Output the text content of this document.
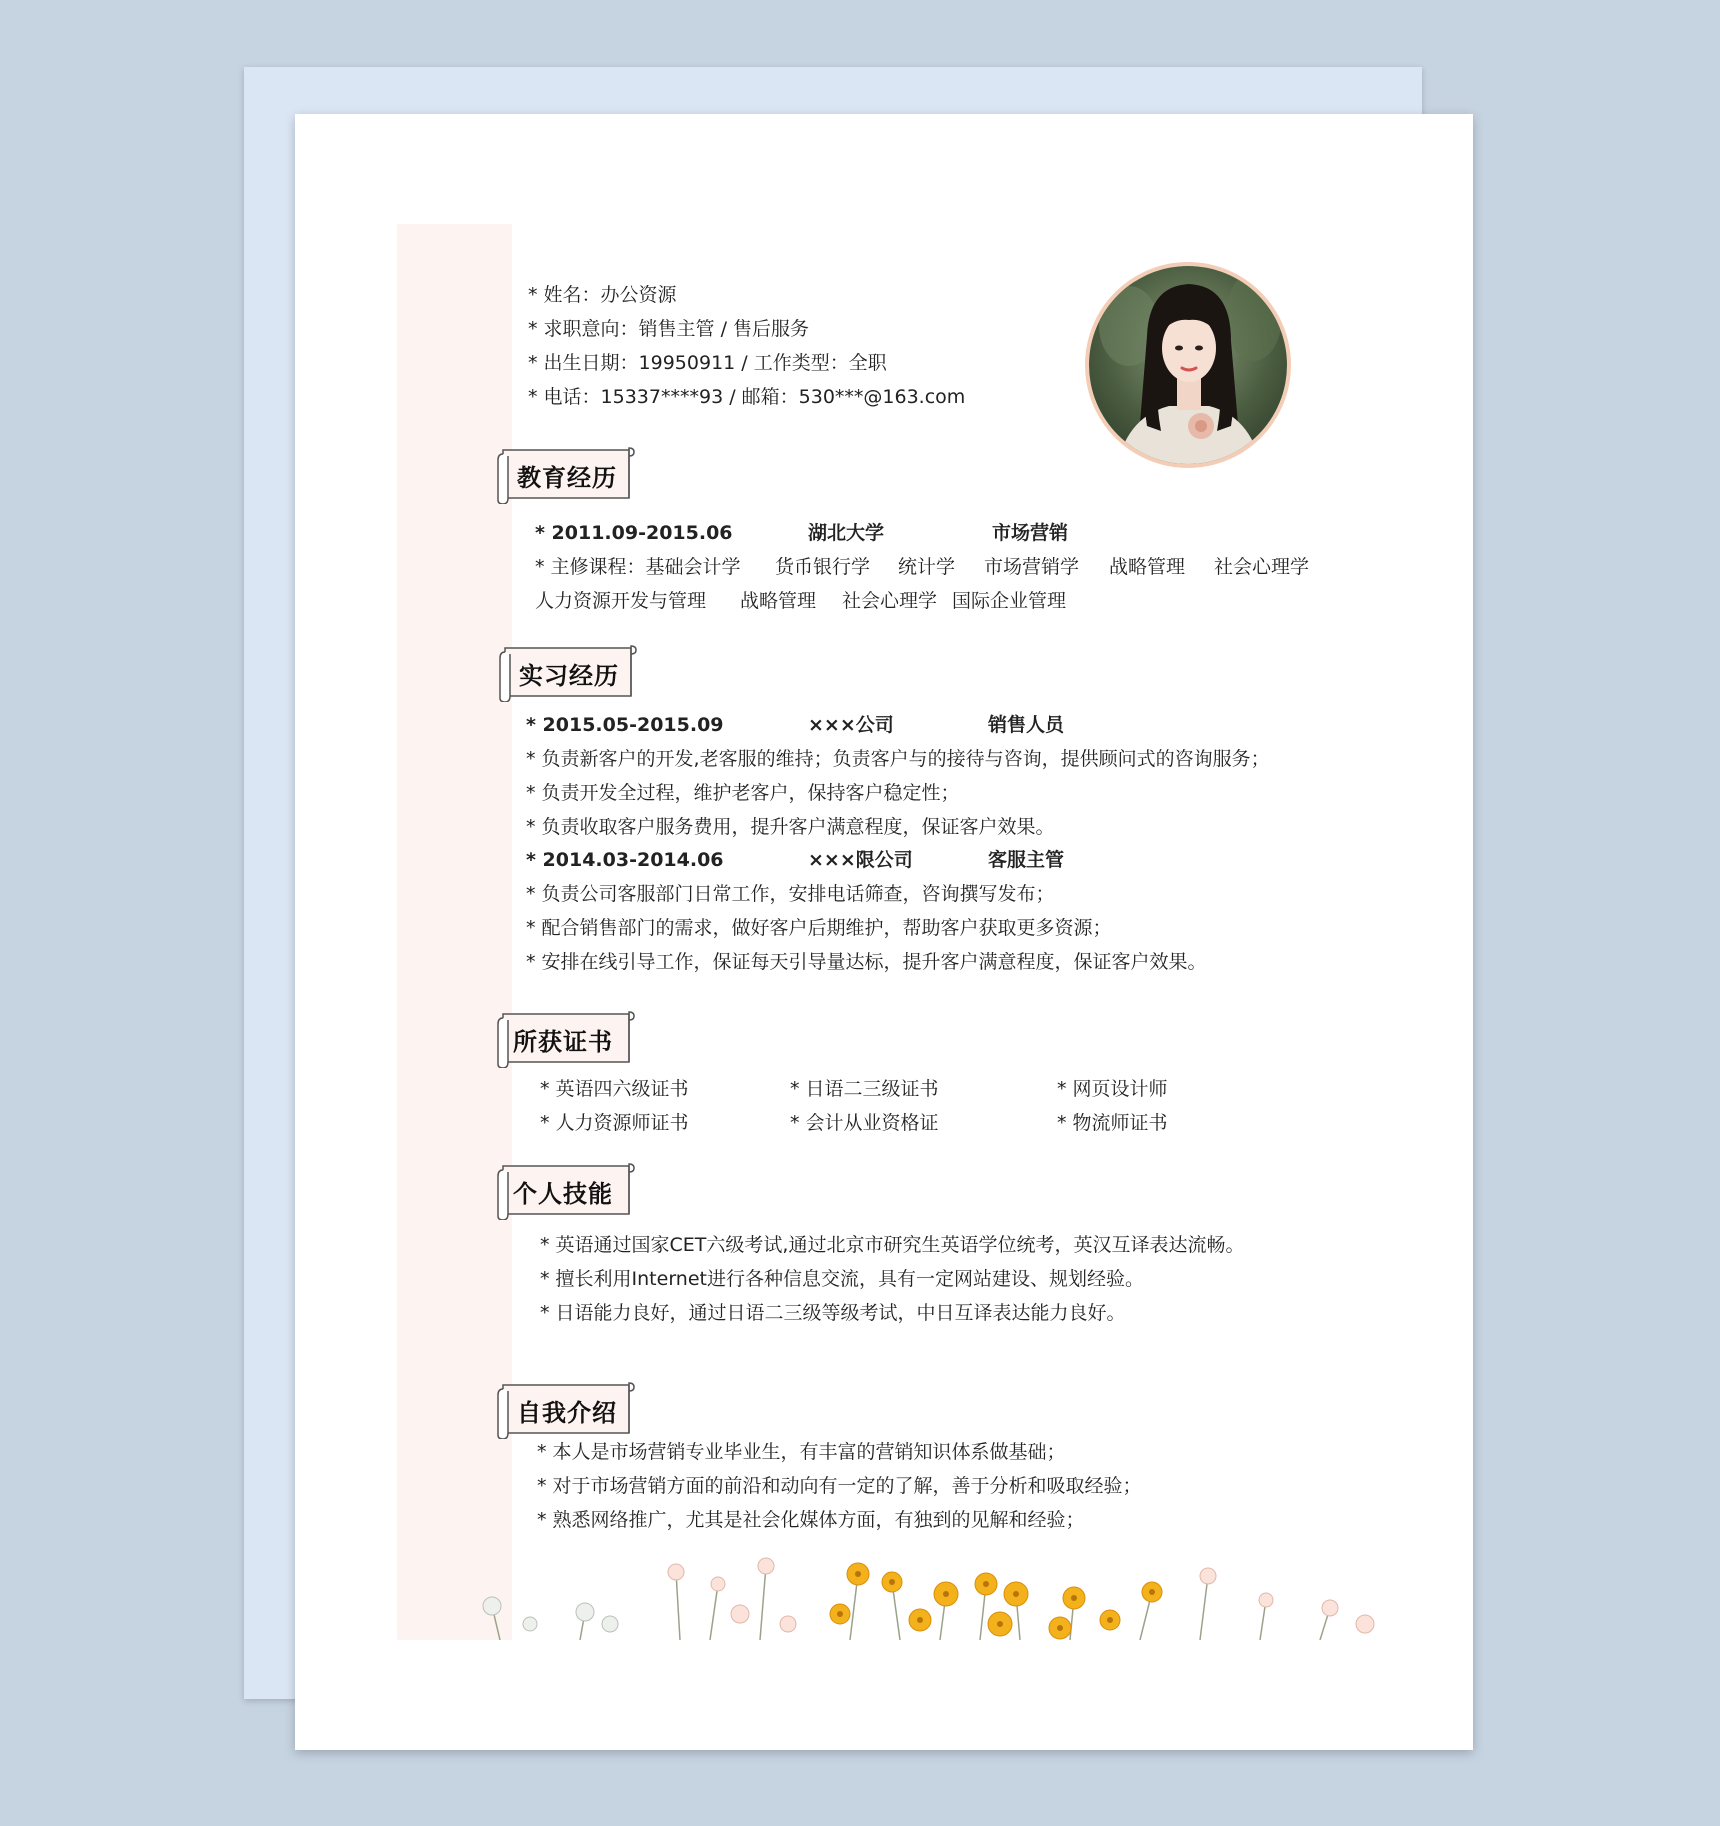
* 姓名：办公资源
* 求职意向：销售主管 / 售后服务
* 出生日期：19950911 / 工作类型：全职
* 电话：15337****93 / 邮箱：530***@163.com
教育经历
* 2011.09-2015.06	湖北大学	市场营销
* 主修课程：基础会计学 货币银行学 统计学 市场营销学 战略管理 社会心理学
人力资源开发与管理 战略管理 社会心理学 国际企业管理
实习经历
* 2015.05-2015.09	×××公司	销售人员
* 负责新客户的开发,老客服的维持；负责客户与的接待与咨询，提供顾问式的咨询服务；
* 负责开发全过程，维护老客户，保持客户稳定性；
* 负责收取客户服务费用，提升客户满意程度，保证客户效果。
* 2014.03-2014.06	×××限公司	客服主管
* 负责公司客服部门日常工作，安排电话筛查，咨询撰写发布；
* 配合销售部门的需求，做好客户后期维护，帮助客户获取更多资源；
* 安排在线引导工作，保证每天引导量达标，提升客户满意程度，保证客户效果。
所获证书
* 英语四六级证书	* 日语二三级证书	* 网页设计师
* 人力资源师证书	* 会计从业资格证	* 物流师证书
个人技能
* 英语通过国家CET六级考试,通过北京市研究生英语学位统考，英汉互译表达流畅。
* 擅长利用Internet进行各种信息交流，具有一定网站建设、规划经验。
* 日语能力良好，通过日语二三级等级考试，中日互译表达能力良好。
自我介绍
* 本人是市场营销专业毕业生，有丰富的营销知识体系做基础；
* 对于市场营销方面的前沿和动向有一定的了解，善于分析和吸取经验；
* 熟悉网络推广，尤其是社会化媒体方面，有独到的见解和经验；
